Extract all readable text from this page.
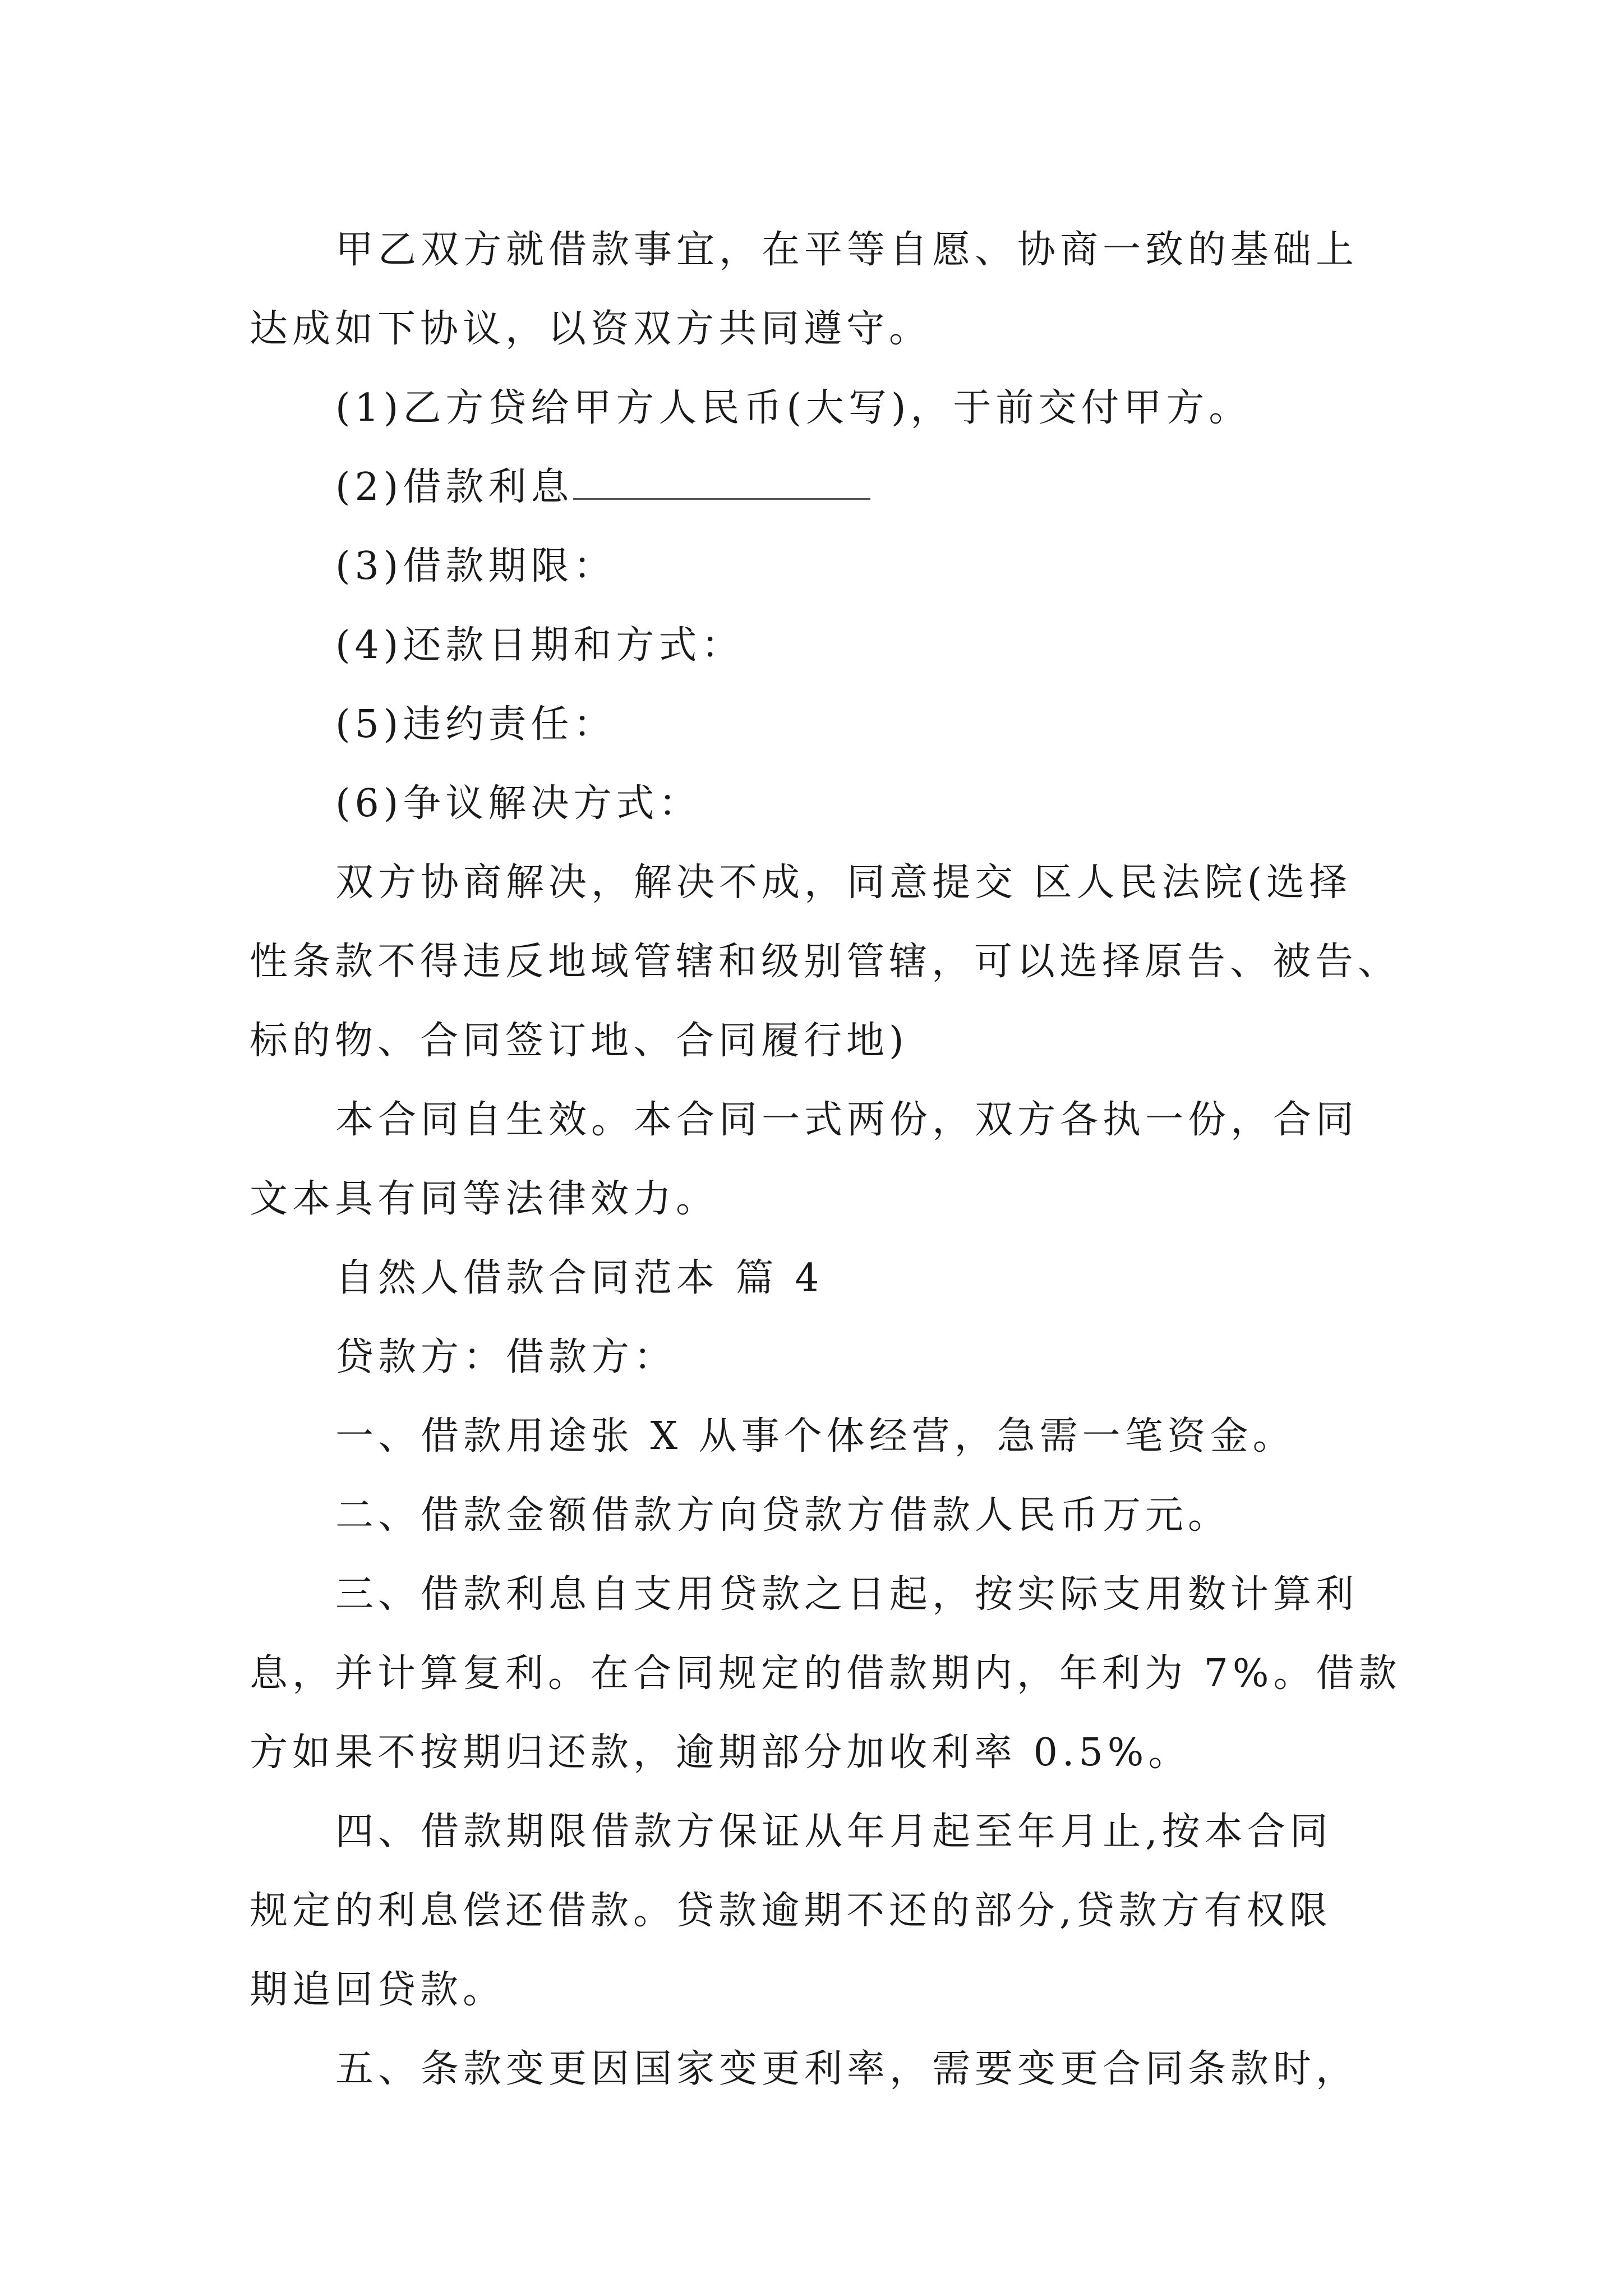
甲乙双方就借款事宜，在平等自愿、协商一致的基础上
达成如下协议，以资双方共同遵守。
(1)乙方贷给甲方人民币(大写)，于前交付甲方。
(2)借款利息
(3)借款期限：
(4)还款日期和方式：
(5)违约责任：
(6)争议解决方式：
双方协商解决，解决不成，同意提交 区人民法院(选择
性条款不得违反地域管辖和级别管辖，可以选择原告、被告、
标的物、合同签订地、合同履行地)
本合同自生效。本合同一式两份，双方各执一份，合同
文本具有同等法律效力。
自然人借款合同范本 篇 4
贷款方：借款方：
一、借款用途张 X 从事个体经营，急需一笔资金。
二、借款金额借款方向贷款方借款人民币万元。
三、借款利息自支用贷款之日起，按实际支用数计算利
息，并计算复利。在合同规定的借款期内，年利为 7%。借款
方如果不按期归还款，逾期部分加收利率 0.5%。
四、借款期限借款方保证从年月起至年月止,按本合同
规定的利息偿还借款。贷款逾期不还的部分,贷款方有权限
期追回贷款。
五、条款变更因国家变更利率，需要变更合同条款时，
